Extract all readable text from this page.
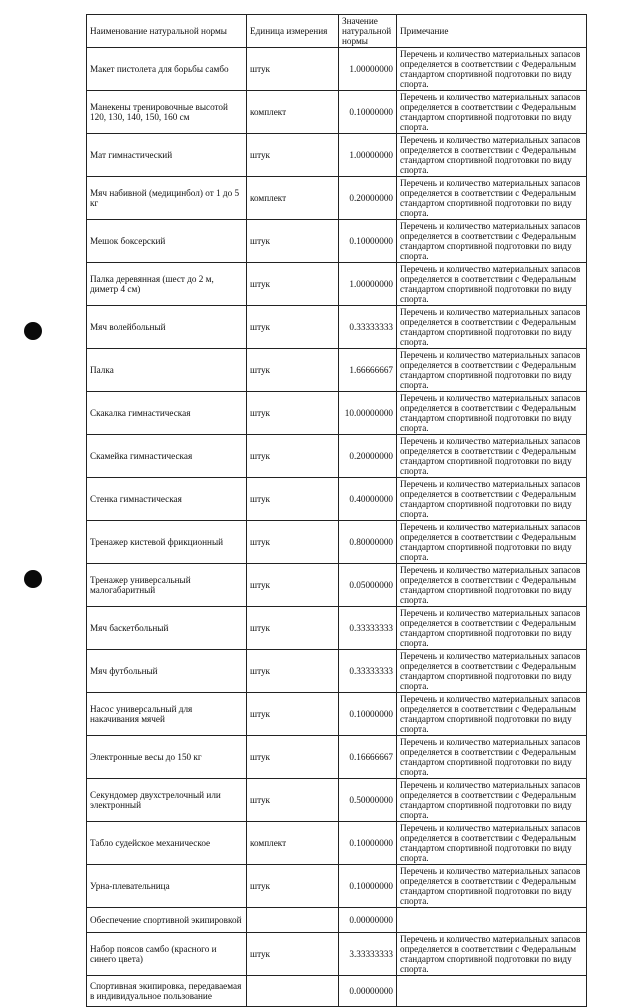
Наименование натуральной нормы	Единица измерения	Значение натуральной нормы	Примечание
Макет пистолета для борьбы самбо	штук	1.00000000	Перечень и количество материальных запасов определяется в соответствии с Федеральным стандартом спортивной подготовки по виду спорта.
Манекены тренировочные высотой 120, 130, 140, 150, 160 см	комплект	0.10000000	Перечень и количество материальных запасов определяется в соответствии с Федеральным стандартом спортивной подготовки по виду спорта.
Мат гимнастический	штук	1.00000000	Перечень и количество материальных запасов определяется в соответствии с Федеральным стандартом спортивной подготовки по виду спорта.
Мяч набивной (медицинбол) от 1 до 5 кг	комплект	0.20000000	Перечень и количество материальных запасов определяется в соответствии с Федеральным стандартом спортивной подготовки по виду спорта.
Мешок боксерский	штук	0.10000000	Перечень и количество материальных запасов определяется в соответствии с Федеральным стандартом спортивной подготовки по виду спорта.
Палка деревянная (шест до 2 м, диметр 4 см)	штук	1.00000000	Перечень и количество материальных запасов определяется в соответствии с Федеральным стандартом спортивной подготовки по виду спорта.
Мяч волейбольный	штук	0.33333333	Перечень и количество материальных запасов определяется в соответствии с Федеральным стандартом спортивной подготовки по виду спорта.
Палка	штук	1.66666667	Перечень и количество материальных запасов определяется в соответствии с Федеральным стандартом спортивной подготовки по виду спорта.
Скакалка гимнастическая	штук	10.00000000	Перечень и количество материальных запасов определяется в соответствии с Федеральным стандартом спортивной подготовки по виду спорта.
Скамейка гимнастическая	штук	0.20000000	Перечень и количество материальных запасов определяется в соответствии с Федеральным стандартом спортивной подготовки по виду спорта.
Стенка гимнастическая	штук	0.40000000	Перечень и количество материальных запасов определяется в соответствии с Федеральным стандартом спортивной подготовки по виду спорта.
Тренажер кистевой фрикционный	штук	0.80000000	Перечень и количество материальных запасов определяется в соответствии с Федеральным стандартом спортивной подготовки по виду спорта.
Тренажер универсальный малогабаритный	штук	0.05000000	Перечень и количество материальных запасов определяется в соответствии с Федеральным стандартом спортивной подготовки по виду спорта.
Мяч баскетбольный	штук	0.33333333	Перечень и количество материальных запасов определяется в соответствии с Федеральным стандартом спортивной подготовки по виду спорта.
Мяч футбольный	штук	0.33333333	Перечень и количество материальных запасов определяется в соответствии с Федеральным стандартом спортивной подготовки по виду спорта.
Насос универсальный для накачивания мячей	штук	0.10000000	Перечень и количество материальных запасов определяется в соответствии с Федеральным стандартом спортивной подготовки по виду спорта.
Электронные весы до 150 кг	штук	0.16666667	Перечень и количество материальных запасов определяется в соответствии с Федеральным стандартом спортивной подготовки по виду спорта.
Секундомер двухстрелочный или электронный	штук	0.50000000	Перечень и количество материальных запасов определяется в соответствии с Федеральным стандартом спортивной подготовки по виду спорта.
Табло судейское механическое	комплект	0.10000000	Перечень и количество материальных запасов определяется в соответствии с Федеральным стандартом спортивной подготовки по виду спорта.
Урна-плевательница	штук	0.10000000	Перечень и количество материальных запасов определяется в соответствии с Федеральным стандартом спортивной подготовки по виду спорта.
Обеспечение спортивной экипировкой		0.00000000	
Набор поясов самбо (красного и синего цвета)	штук	3.33333333	Перечень и количество материальных запасов определяется в соответствии с Федеральным стандартом спортивной подготовки по виду спорта.
Спортивная экипировка, передаваемая в индивидуальное пользование		0.00000000	
